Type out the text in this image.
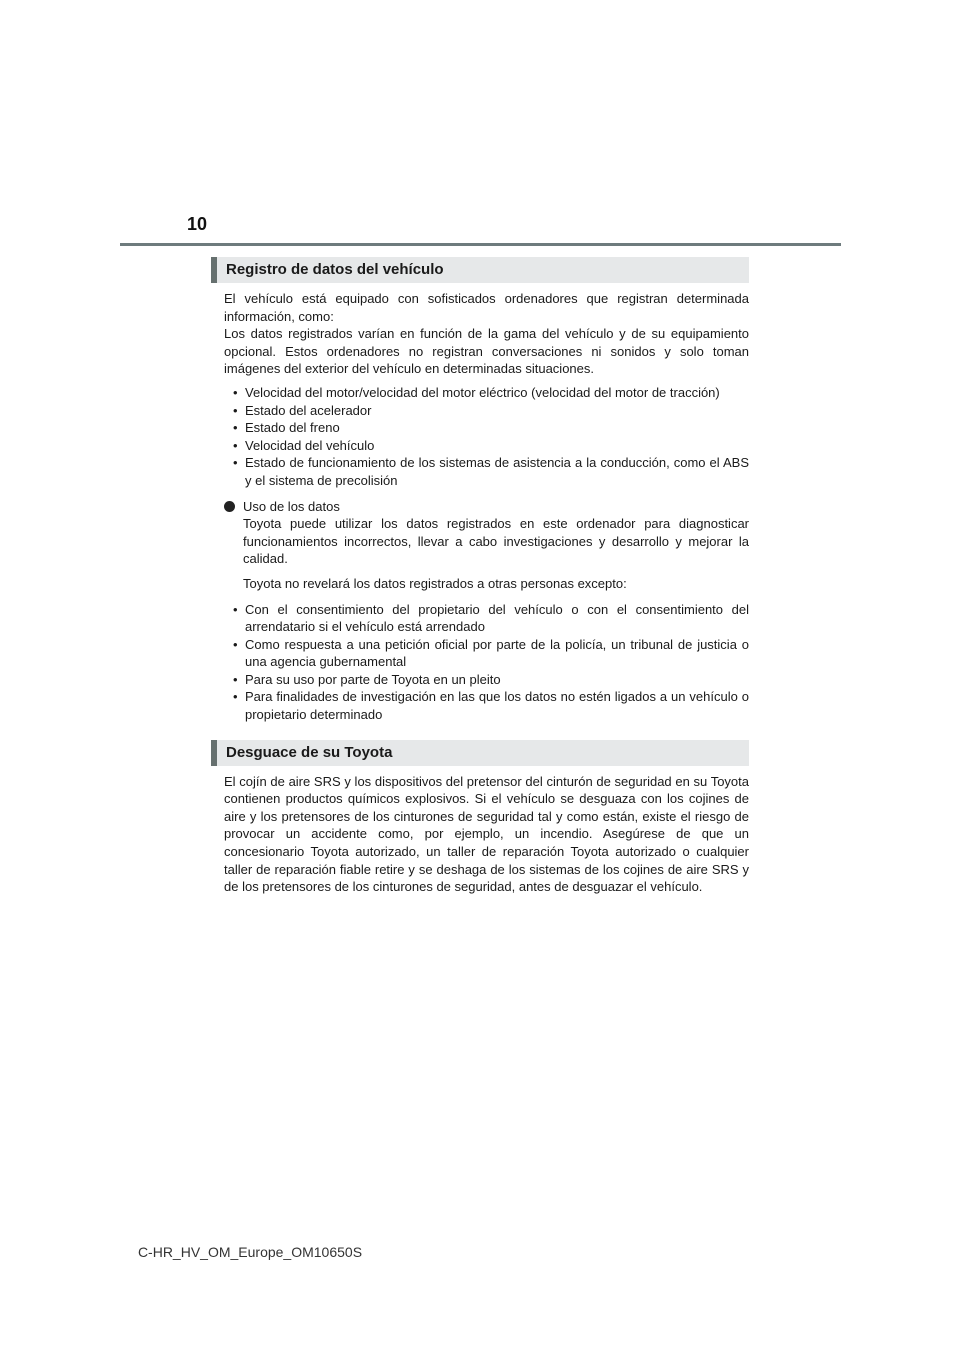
10
Registro de datos del vehículo

El vehículo está equipado con sofisticados ordenadores que registran determinada información, como:

Los datos registrados varían en función de la gama del vehículo y de su equipamiento opcional. Estos ordenadores no registran conversaciones ni sonidos y solo toman imágenes del exterior del vehículo en determinadas situaciones.

• Velocidad del motor/velocidad del motor eléctrico (velocidad del motor de tracción)
• Estado del acelerador
• Estado del freno
• Velocidad del vehículo
• Estado de funcionamiento de los sistemas de asistencia a la conducción, como el ABS y el sistema de precolisión
Uso de los datos

Toyota puede utilizar los datos registrados en este ordenador para diagnosticar funcionamientos incorrectos, llevar a cabo investigaciones y desarrollo y mejorar la calidad.

Toyota no revelará los datos registrados a otras personas excepto:

• Con el consentimiento del propietario del vehículo o con el consentimiento del arrendatario si el vehículo está arrendado
• Como respuesta a una petición oficial por parte de la policía, un tribunal de justicia o una agencia gubernamental
• Para su uso por parte de Toyota en un pleito
• Para finalidades de investigación en las que los datos no estén ligados a un vehículo o propietario determinado
Desguace de su Toyota

El cojín de aire SRS y los dispositivos del pretensor del cinturón de seguridad en su Toyota contienen productos químicos explosivos. Si el vehículo se desguaza con los cojines de aire y los pretensores de los cinturones de seguridad tal y como están, existe el riesgo de provocar un accidente como, por ejemplo, un incendio. Asegúrese de que un concesionario Toyota autorizado, un taller de reparación Toyota autorizado o cualquier taller de reparación fiable retire y se deshaga de los sistemas de los cojines de aire SRS y de los pretensores de los cinturones de seguridad, antes de desguazar el vehículo.

C-HR_HV_OM_Europe_OM10650S
